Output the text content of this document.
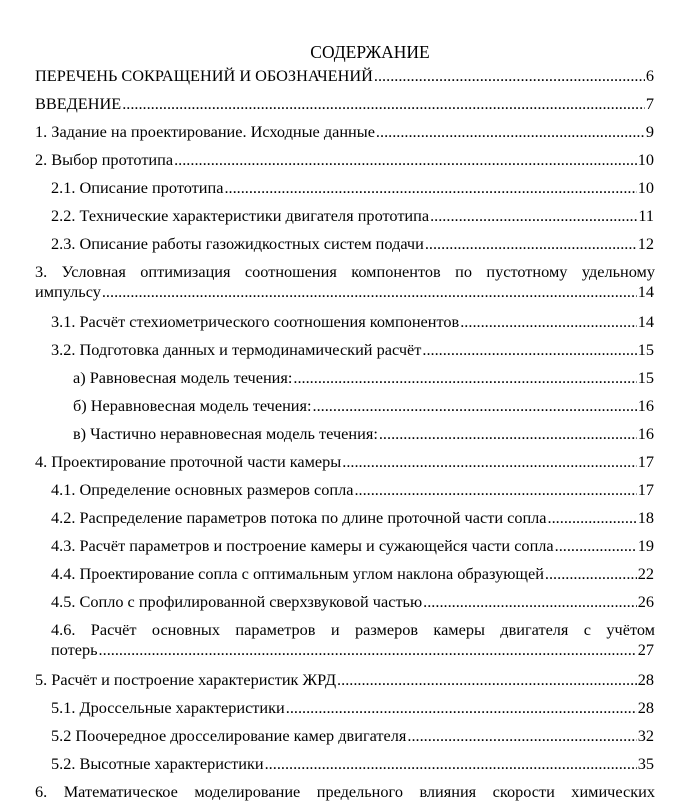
СОДЕРЖАНИЕ
ПЕРЕЧЕНЬ СОКРАЩЕНИЙ И ОБОЗНАЧЕНИЙ .....	6
ВВЕДЕНИЕ .....	7
1. Задание на проектирование. Исходные данные .....	9
2. Выбор прототипа .....	10
2.1. Описание прототипа .....	10
2.2. Технические характеристики двигателя прототипа .....	11
2.3. Описание работы газожидкостных систем подачи .....	12
3. Условная оптимизация соотношения компонентов по пустотному удельному
импульсу .....	14
3.1. Расчёт стехиометрического соотношения компонентов .....	14
3.2. Подготовка данных и термодинамический расчёт .....	15
а) Равновесная модель течения: .....	15
б) Неравновесная модель течения: .....	16
в) Частично неравновесная модель течения: .....	16
4. Проектирование проточной части камеры .....	17
4.1. Определение основных размеров сопла .....	17
4.2. Распределение параметров потока по длине проточной части сопла .....	18
4.3. Расчёт параметров и построение камеры и сужающейся части сопла .....	19
4.4. Проектирование сопла с оптимальным углом наклона образующей .....	22
4.5. Сопло с профилированной сверхзвуковой частью .....	26
4.6. Расчёт основных параметров и размеров камеры двигателя с учётом
потерь .....	27
5. Расчёт и построение характеристик ЖРД .....	28
5.1. Дроссельные характеристики .....	28
5.2 Поочередное дросселирование камер двигателя .....	32
5.2. Высотные характеристики .....	35
6. Математическое моделирование предельного влияния скорости химических
